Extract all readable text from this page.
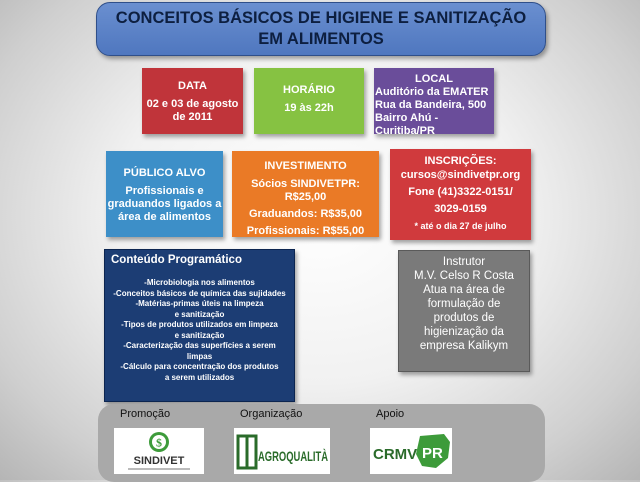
CONCEITOS BÁSICOS DE HIGIENE E SANITIZAÇÃO EM ALIMENTOS
DATA
02 e 03 de agosto
de 2011
HORÁRIO
19 às 22h
LOCAL
Auditório da EMATER
Rua da Bandeira, 500
Bairro Ahú -Curitiba/PR
PÚBLICO ALVO
Profissionais e
graduandos ligados a
área de alimentos
INVESTIMENTO
Sócios SINDIVETPR: R$25,00
Graduandos: R$35,00
Profissionais: R$55,00
INSCRIÇÕES:
cursos@sindivetpr.org
Fone (41)3322-0151/
3029-0159
* até o dia 27 de julho
Conteúdo Programático
-Microbiologia nos alimentos
-Conceitos básicos de química das sujidades
-Matérias-primas úteis na limpeza
e sanitização
-Tipos de produtos utilizados em limpeza
e sanitização
-Caracterização das superfícies a serem
limpas
-Cálculo para concentração dos produtos
a serem utilizados
Instrutor
M.V. Celso R Costa
Atua na área de
formulação de
produtos de
higienização da
empresa Kalikym
Promoção	Organização	Apoio
$
SINDIVET	AGROQUALITÀ	CRMV PR
